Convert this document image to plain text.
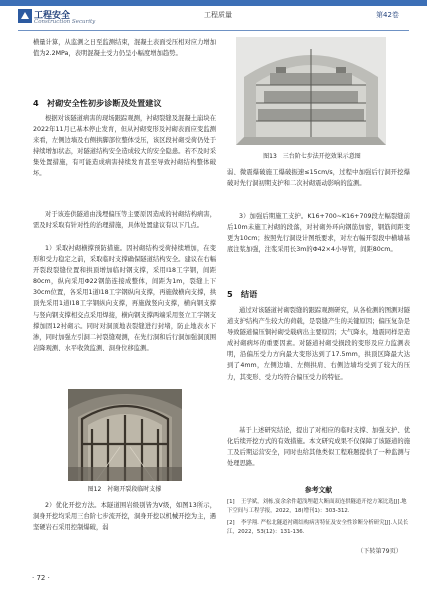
工程安全
Construction Security
工程质量	第42卷
横量计算，从监测之日至监测结束，混凝土表面受压相对应力增加值为2.2MPa，表明混凝土受力仍呈小幅度增加趋势。
4　衬砌安全性初步诊断及处置建议
根据对该隧道病害的现场跟踪观测，衬砌裂缝及混凝土崩块在2022年11月已基本停止发育，但从衬砌变形及衬砌表面应变监测来看，左侧边墙及右侧拱脚部位整体受压，该区段衬砌受荷仍处于持续增加状态，对隧道结构安全造成较大的安全隐患。若不及时采集处置措施，有可能造成病害持续发育甚至导致衬砌结构整体破坏。
对于该连供隧道由浅埋偏压等主要原因造成的衬砌结构病害，需及时采取有针对性的治理措施，具体处置建议有以下几点。
1）采取衬砌横撑预防措施。因衬砌结构受荷持续增加，在变形和受力稳定之前，采取临时支撑确保隧道结构安全。建议在右幅开裂段裂缝位置和拱顶增加临时钢支撑，采用I18工字钢，间距80cm，纵向采用Φ22钢筋连接成整体，间距为1m，裂缝上下30cm位置，各采用1道I18工字钢纵向支撑，再施做横向支撑，拱顶先采用1道I18工字钢纵向支撑，再施做竖向支撑，横向钢支撑与竖向钢支撑相交点采用焊接，横向钢支撑两端采用竖立工字钢支撑加固12衬砌示。同时对洞顶地表裂缝进行封堵，防止地表水下渗，同时加强左引洞二衬裂缝观测，在先行洞和后行洞加强洞顶围岩降观测、水平收敛监测、洞身位移监测。
图12　衬砌开裂段临时支撑
2）优化开挖方法。本隧道围岩级别皆为V级，如图13所示，洞身开挖均采用三台阶七步流开挖，洞身开挖以机械开挖为主，遇坚硬岩石采用控制爆破，弱
图13　三台阶七步法开挖效果示意图
弱、微震爆破施工爆破振速≤15cm/s，过程中加强后行洞开挖爆破对先行洞初期支护和二次衬砌震动影响的监测。
3）加强后期施工支护。K16+700~K16+709段左幅裂缝前后10m未施工衬砌的段落，对衬砌外环向钢筋加密，钢筋间距变更为10cm；按照先行洞设计图纸要求，对左右幅开裂段中横墙基底注浆加强，注浆采用长3m的Φ42×4小导管，间距80cm。
5　结语
通过对该隧道衬砌裂缝的跟踪观测研究，从各检测的图测对隧道支护结构产生较大的荷载，是裂缝产生的关键原因；偏压复杂是导致隧道偏压铜衬砌受载病出主要原因；大气降水，地震同样是造成衬砌病坏的重要因素。对隧道衬砌受损段的变形及应力监测表明，沿偏压受力方向最大变形达到了17.5mm，拱顶区降最大达到了4mm，左侧边墙、左侧拱肩、右侧边墙均受到了较大的压力，其变形、受力均符合偏压受力的特征。
基于上述研究结论，提出了对相应的临时支撑、加强支护、优化后续开挖方式的有效措施。本文研究成果不仅保障了该隧道的施工及后期运营安全，同时也给其他类似工程难题提供了一种监测与处理思路。
参考文献
[1] 王学斌，刘栋,宴余余件超浅埋超大断面双连拱隧道开挖方案比选[J].地下空间与工程学报，2022，18(增刊1)：303-312.
[2] 李学翔. 严松北隧道衬砌结构病害特征及安全性诊断分析研究[J].人民长江，2022，53(12)：131-136.
（下转第79页）
· 72 ·
